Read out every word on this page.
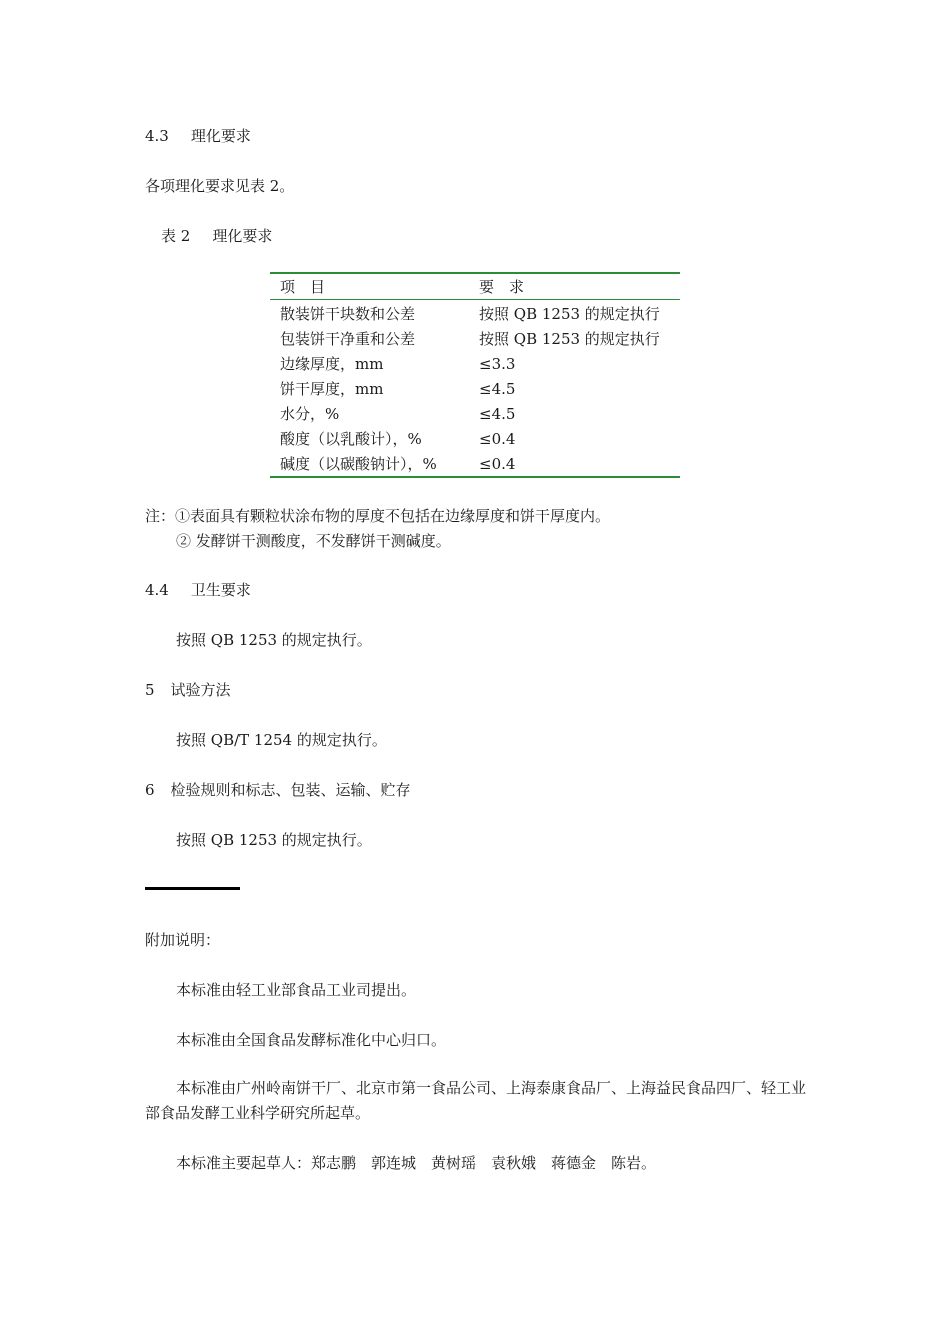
4.3 理化要求
各项理化要求见表 2。
表 2 理化要求
项　目	要　求
散装饼干块数和公差	按照 QB 1253 的规定执行
包装饼干净重和公差	按照 QB 1253 的规定执行
边缘厚度，mm	≤3.3
饼干厚度，mm	≤4.5
水分，%	≤4.5
酸度（以乳酸计），%	≤0.4
碱度（以碳酸钠计），%	≤0.4
注：①表面具有颗粒状涂布物的厚度不包括在边缘厚度和饼干厚度内。
② 发酵饼干测酸度，不发酵饼干测碱度。
4.4 卫生要求
按照 QB 1253 的规定执行。
5 试验方法
按照 QB/T 1254 的规定执行。
6 检验规则和标志、包装、运输、贮存
按照 QB 1253 的规定执行。
附加说明：
本标准由轻工业部食品工业司提出。
本标准由全国食品发酵标准化中心归口。
本标准由广州岭南饼干厂、北京市第一食品公司、上海泰康食品厂、上海益民食品四厂、轻工业部食品发酵工业科学研究所起草。
本标准主要起草人：郑志鹏　郭连城　黄树瑶　袁秋娥　蒋德金　陈岩。
